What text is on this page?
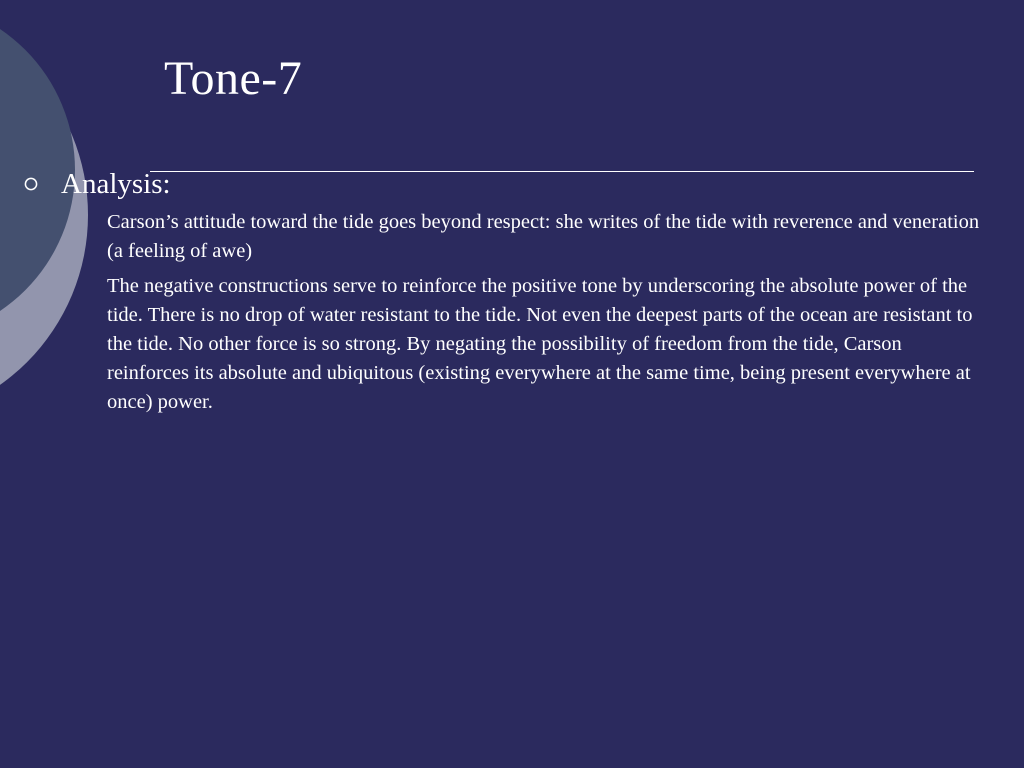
Tone-7
Analysis:

Carson’s attitude toward the tide goes beyond respect: she writes of the tide with reverence and veneration (a feeling of awe)

The negative constructions serve to reinforce the positive tone by underscoring the absolute power of the tide. There is no drop of water resistant to the tide. Not even the deepest parts of the ocean are resistant to the tide. No other force is so strong. By negating the possibility of freedom from the tide, Carson reinforces its absolute and ubiquitous (existing everywhere at the same time, being present everywhere at once) power.
